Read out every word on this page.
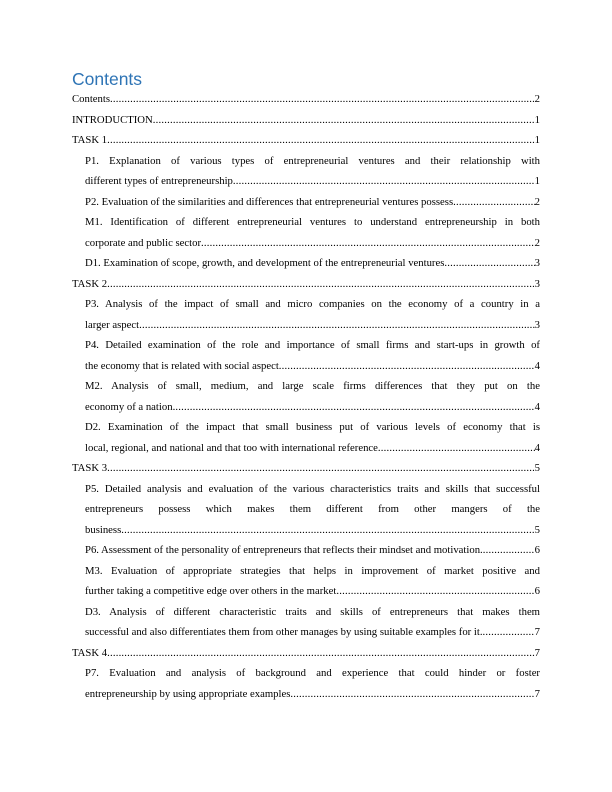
Contents
Contents .....	2
INTRODUCTION .....	1
TASK 1 .....	1
P1. Explanation of various types of entrepreneurial ventures and their relationship with
different types of entrepreneurship .....	1
P2. Evaluation of the similarities and differences that entrepreneurial ventures possess .....	2
M1. Identification of different entrepreneurial ventures to understand entrepreneurship in both
corporate and public sector .....	2
D1. Examination of scope, growth, and development of the entrepreneurial ventures .....	3
TASK 2 .....	3
P3. Analysis of the impact of small and micro companies on the economy of a country in a
larger aspect .....	3
P4. Detailed examination of the role and importance of small firms and start-ups in growth of
the economy that is related with social aspect .....	4
M2. Analysis of small, medium, and large scale firms differences that they put on the
economy of a nation .....	4
D2. Examination of the impact that small business put of various levels of economy that is
local, regional, and national and that too with international reference .....	4
TASK 3 .....	5
P5. Detailed analysis and evaluation of the various characteristics traits and skills that successful entrepreneurs possess which makes them different from other mangers of the
business .....	5
P6. Assessment of the personality of entrepreneurs that reflects their mindset and motivation. .....	6
M3. Evaluation of appropriate strategies that helps in improvement of market positive and
further taking a competitive edge over others in the market .....	6
D3. Analysis of different characteristic traits and skills of entrepreneurs that makes them
successful and also differentiates them from other manages by using suitable examples for it. .....	7
TASK 4 .....	7
P7. Evaluation and analysis of background and experience that could hinder or foster
entrepreneurship by using appropriate examples .....	7
